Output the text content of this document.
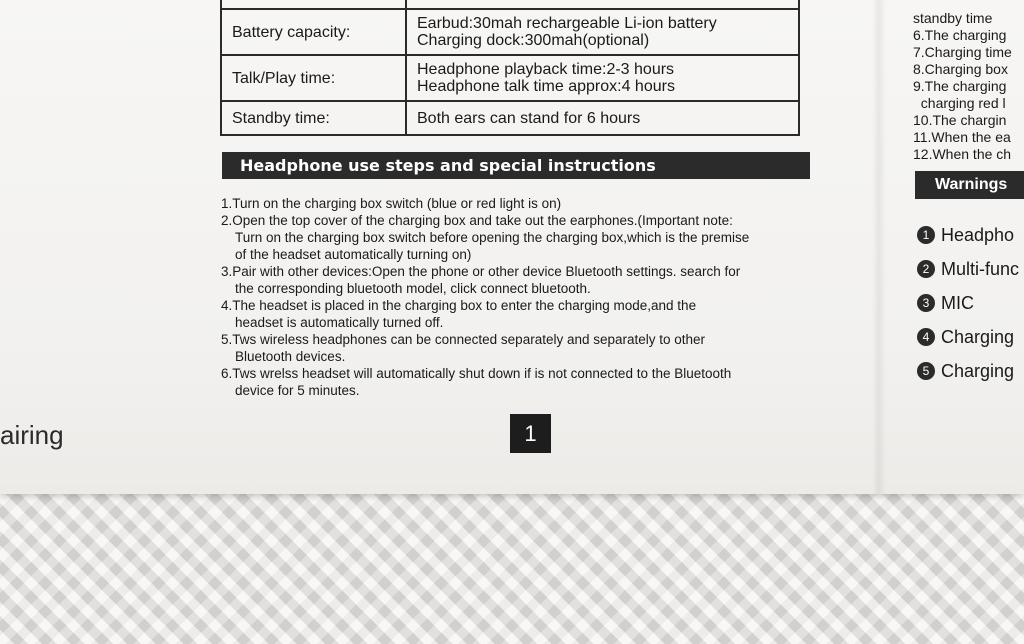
Battery capacity:	Earbud:30mah rechargeable Li-ion battery
Charging dock:300mah(optional)

Talk/Play time:	Headphone playback time:2-3 hours
Headphone talk time approx:4 hours

Standby time:	Both ears can stand for 6 hours
Headphone use steps and special instructions
1.Turn on the charging box switch (blue or red light is on)
2.Open the top cover of the charging box and take out the earphones.(Important note:
Turn on the charging box switch before opening the charging box,which is the premise
of the headset automatically turning on)
3.Pair with other devices:Open the phone or other device Bluetooth settings. search for
the corresponding bluetooth model, click connect bluetooth.
4.The headset is placed in the charging box to enter the charging mode,and the
headset is automatically turned off.
5.Tws wireless headphones can be connected separately and separately to other
Bluetooth devices.
6.Tws wrelss headset will automatically shut down if is not connected to the Bluetooth
device for 5 minutes.
1
airing
standby time
6.The charging
7.Charging time
8.Charging box
9.The charging
charging red l
10.The chargin
11.When the ea
12.When the ch
Warnings
1 Headpho
2 Multi-func
3 MIC
4 Charging
5 Charging
